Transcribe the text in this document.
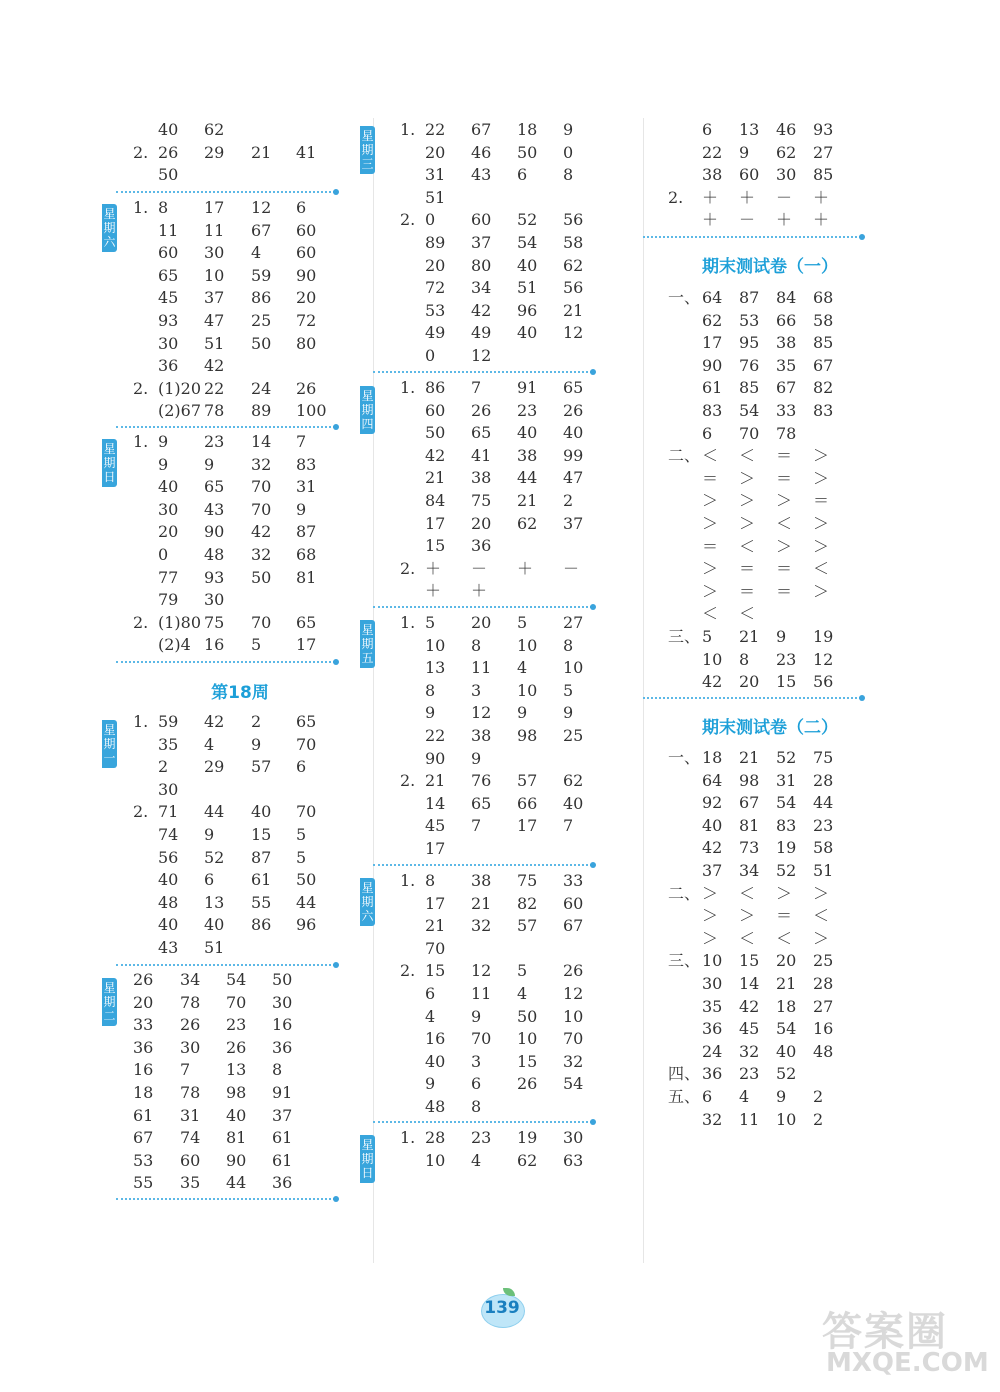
40 62
2. 26 29 21 41
50
1. 8 17 12 6
11 11 67 60
60 30 4 60
65 10 59 90
45 37 86 20
93 47 25 72
30 51 50 80
36 42
2. (1)20 22 24 26
(2)67 78 89 100
1. 9 23 14 7
9 9 32 83
40 65 70 31
30 43 70 9
20 90 42 87
0 48 32 68
77 93 50 81
79 30
2. (1)80 75 70 65
(2)4 16 5 17
1. 59 42 2 65
35 4 9 70
2 29 57 6
30
2. 71 44 40 70
74 9 15 5
56 52 87 5
40 6 61 50
48 13 55 44
40 40 86 96
43 51
26 34 54 50
20 78 70 30
33 26 23 16
36 30 26 36
16 7 13 8
18 78 98 91
61 31 40 37
67 74 81 61
53 60 90 61
55 35 44 36
1. 22 67 18 9
20 46 50 0
31 43 6 8
51
2. 0 60 52 56
89 37 54 58
20 80 40 62
72 34 51 56
53 42 96 21
49 49 40 12
0 12
1. 86 7 91 65
60 26 23 26
50 65 40 40
42 41 38 99
21 38 44 47
84 75 21 2
17 20 62 37
15 36
2. ＋ － ＋ －
＋ ＋
1. 5 20 5 27
10 8 10 8
13 11 4 10
8 3 10 5
9 12 9 9
22 38 98 25
90 9
2. 21 76 57 62
14 65 66 40
45 7 17 7
17
1. 8 38 75 33
17 21 82 60
21 32 57 67
70
2. 15 12 5 26
6 11 4 12
4 9 50 10
16 70 10 70
40 3 15 32
9 6 26 54
48 8
1. 28 23 19 30
10 4 62 63
6 13 46 93
22 9 62 27
38 60 30 85
2. ＋ ＋ － ＋
＋ － ＋ ＋
一、 64 87 84 68
62 53 66 58
17 95 38 85
90 76 35 67
61 85 67 82
83 54 33 83
6 70 78
二、 ＜ ＜ ＝ ＞
＝ ＞ ＝ ＞
＞ ＞ ＞ ＝
＞ ＞ ＜ ＞
＝ ＜ ＞ ＞
＞ ＝ ＝ ＜
＞ ＝ ＝ ＞
＜ ＜
三、 5 21 9 19
10 8 23 12
42 20 15 56
一、 18 21 52 75
64 98 31 28
92 67 54 44
40 81 83 23
42 73 19 58
37 34 52 51
二、 ＞ ＜ ＞ ＞
＞ ＞ ＝ ＜
＞ ＜ ＜ ＞
三、 10 15 20 25
30 14 21 28
35 42 18 27
36 45 54 16
24 32 40 48
四、 36 23 52
五、 6 4 9 2
32 11 10 2
第18周
期末测试卷（一）
期末测试卷（二）
星
期
六
星
期
日
星
期
一
星
期
二
星
期
三
星
期
四
星
期
五
星
期
六
星
期
日
139
答案圈
MXQE.COM
